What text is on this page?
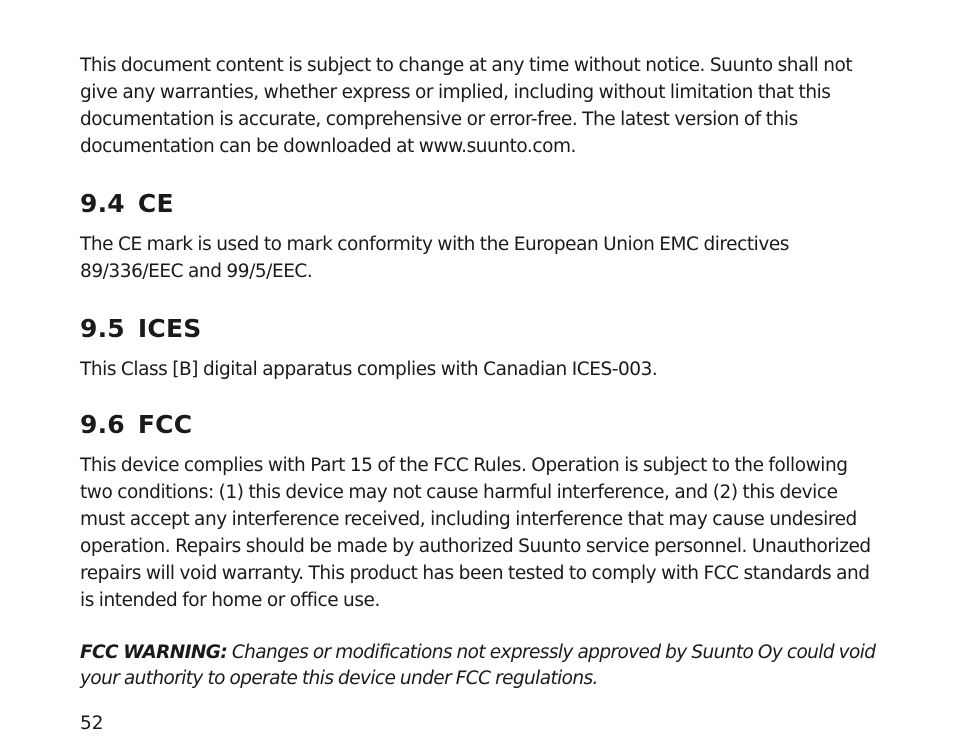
This document content is subject to change at any time without notice. Suunto shall not give any warranties, whether express or implied, including without limitation that this documentation is accurate, comprehensive or error-free. The latest version of this documentation can be downloaded at www.suunto.com.

9.4 CE

The CE mark is used to mark conformity with the European Union EMC directives 89/336/EEC and 99/5/EEC.

9.5 ICES

This Class [B] digital apparatus complies with Canadian ICES-003.

9.6 FCC

This device complies with Part 15 of the FCC Rules. Operation is subject to the following two conditions: (1) this device may not cause harmful interference, and (2) this device must accept any interference received, including interference that may cause undesired operation. Repairs should be made by authorized Suunto service personnel. Unauthorized repairs will void warranty. This product has been tested to comply with FCC standards and is intended for home or office use.

FCC WARNING: Changes or modifications not expressly approved by Suunto Oy could void your authority to operate this device under FCC regulations.

52
